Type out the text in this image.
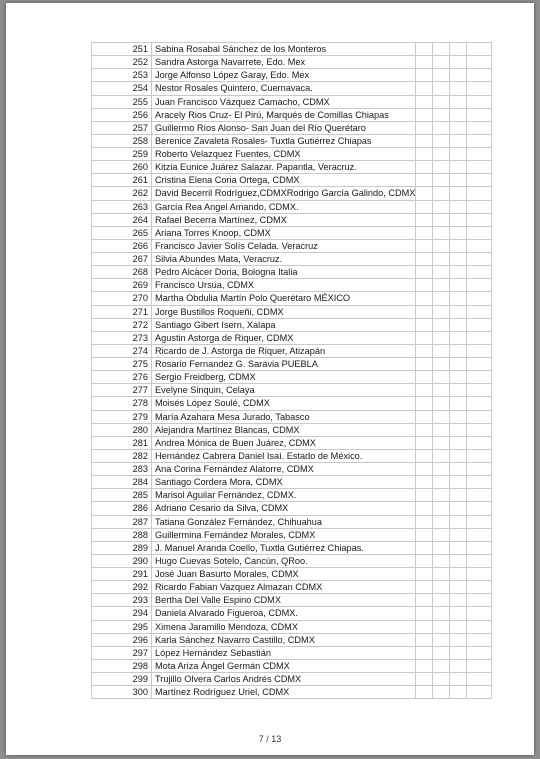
251	Sabina Rosabal Sánchez de los Monteros				
252	Sandra Astorga Navarrete, Edo. Mex				
253	Jorge Alfonso López Garay, Edo. Mex				
254	Nestor Rosales Quintero, Cuernavaca.				
255	Juan Francisco Vázquez Camacho, CDMX				
256	Aracely Rios Cruz- El Pirú, Marqués de Comillas Chiapas				
257	Guillermo Ríos Alonso- San Juan del Río Querétaro				
258	Berenice Zavaleta Rosales- Tuxtla Gutiérrez Chiapas				
259	Roberto Velazquez Fuentes, CDMX				
260	Kitzia Eunice Juárez Salazar. Papantla, Veracruz.				
261	Cristina Elena Coria Ortega, CDMX				
262	David Becerril Rodríguez,CDMXRodrigo García Galindo, CDMX				
263	García Rea Angel Amando, CDMX.				
264	Rafael Becerra Martínez, CDMX				
265	Ariana Torres Knoop, CDMX				
266	Francisco Javier Solís Celada. Veracruz				
267	Silvia Abundes Mata, Veracruz.				
268	Pedro Alcàcer Doria, Bologna Italia				
269	Francisco Ursúa, CDMX				
270	Martha Obdulia Martín Polo Querétaro MÉXICO				
271	Jorge Bustillos Roqueñi, CDMX				
272	Santiago Gibert Isern, Xalapa				
273	Agustin Astorga de Riquer, CDMX				
274	Ricardo de J. Astorga de Riquer, Atizapán				
275	Rosario Fernandez G. Saravia PUEBLA				
276	Sergio Freidberg, CDMX				
277	Evelyne Sinquin, Celaya				
278	Moisés López Soulé, CDMX				
279	María Azahara Mesa Jurado, Tabasco				
280	Alejandra Martínez Blancas, CDMX				
281	Andrea Mónica de Buen Juárez, CDMX				
282	Hernández Cabrera Daniel Isaí. Estado de México.				
283	Ana Corina Fernández Alatorre, CDMX				
284	Santiago Cordera Mora, CDMX				
285	Marisol Aguilar Fernández, CDMX.				
286	Adriano Cesario da Silva, CDMX				
287	Tatiana González Fernández, Chihuahua				
288	Guillermina Fernández Morales, CDMX				
289	J. Manuel Aranda Coello, Tuxtla Gutiérrez Chiapas.				
290	Hugo Cuevas Sotelo, Cancún, QRoo.				
291	José Juan Basurto Morales, CDMX				
292	Ricardo Fabian Vazquez Almazan CDMX				
293	Bertha Del Valle Espino CDMX				
294	Daniela Alvarado Figueroa, CDMX.				
295	Ximena Jaramillo Mendoza, CDMX				
296	Karla Sánchez Navarro Castillo, CDMX				
297	López Hernández Sebastián				
298	Mota Ariza Ángel Germán CDMX				
299	Trujillo Olvera Carlos Andrés CDMX				
300	Martínez Rodríguez Uriel, CDMX				
7 / 13
